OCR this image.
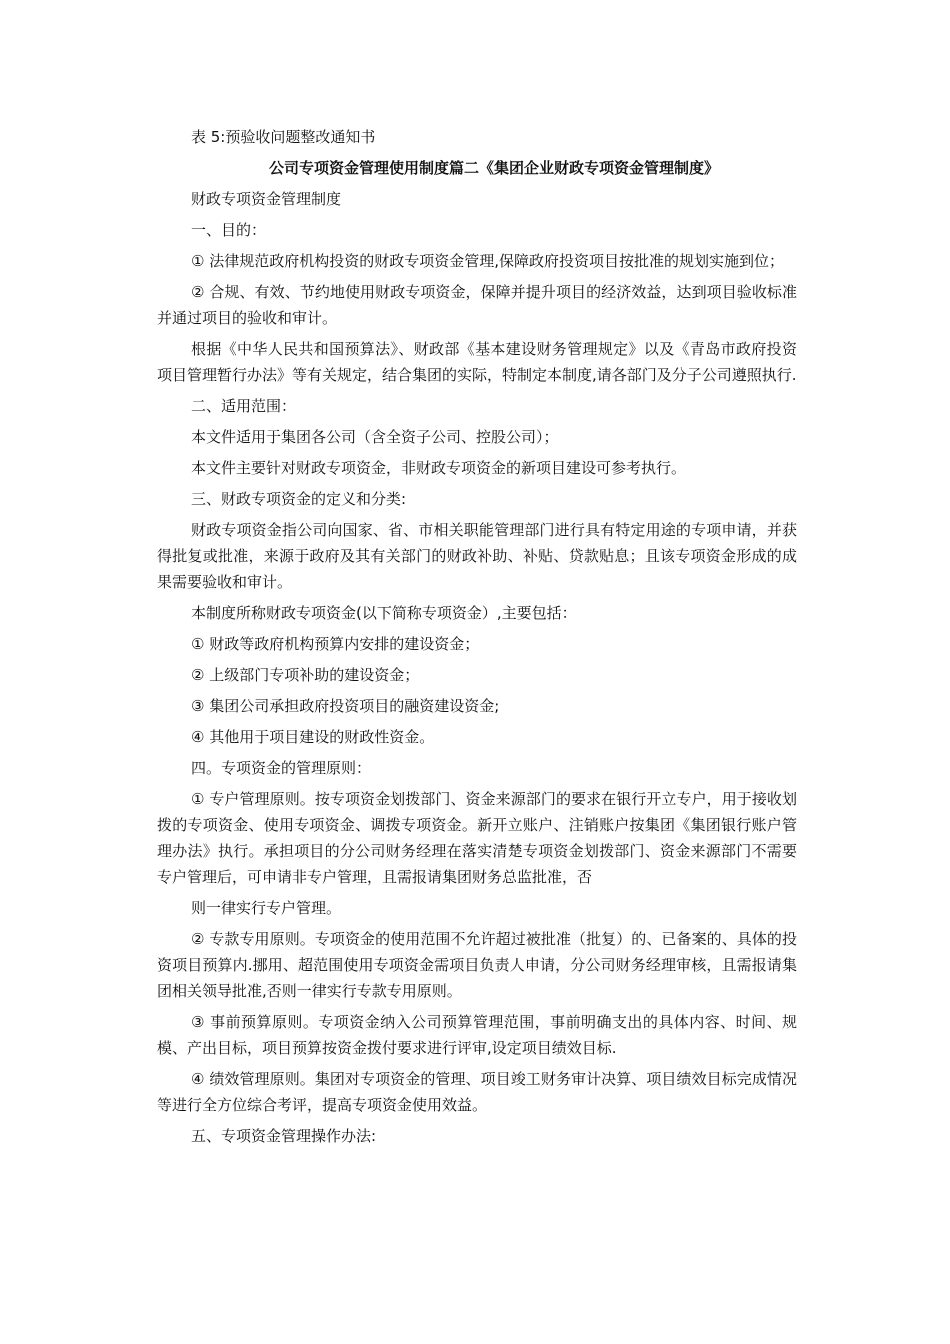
表 5:预验收问题整改通知书

公司专项资金管理使用制度篇二《集团企业财政专项资金管理制度》

财政专项资金管理制度

一、目的：

① 法律规范政府机构投资的财政专项资金管理,保障政府投资项目按批准的规划实施到位；

② 合规、有效、节约地使用财政专项资金，保障并提升项目的经济效益，达到项目验收标准并通过项目的验收和审计。

根据《中华人民共和国预算法》、财政部《基本建设财务管理规定》以及《青岛市政府投资项目管理暂行办法》等有关规定，结合集团的实际，特制定本制度,请各部门及分子公司遵照执行.

二、适用范围：

本文件适用于集团各公司（含全资子公司、控股公司）；

本文件主要针对财政专项资金，非财政专项资金的新项目建设可参考执行。

三、财政专项资金的定义和分类:

财政专项资金指公司向国家、省、市相关职能管理部门进行具有特定用途的专项申请，并获得批复或批准，来源于政府及其有关部门的财政补助、补贴、贷款贴息；且该专项资金形成的成果需要验收和审计。

本制度所称财政专项资金(以下简称专项资金）,主要包括：

① 财政等政府机构预算内安排的建设资金；

② 上级部门专项补助的建设资金；

③ 集团公司承担政府投资项目的融资建设资金;

④ 其他用于项目建设的财政性资金。

四。专项资金的管理原则：

① 专户管理原则。按专项资金划拨部门、资金来源部门的要求在银行开立专户，用于接收划拨的专项资金、使用专项资金、调拨专项资金。新开立账户、注销账户按集团《集团银行账户管理办法》执行。承担项目的分公司财务经理在落实清楚专项资金划拨部门、资金来源部门不需要专户管理后，可申请非专户管理，且需报请集团财务总监批准，否

则一律实行专户管理。

② 专款专用原则。专项资金的使用范围不允许超过被批准（批复）的、已备案的、具体的投资项目预算内.挪用、超范围使用专项资金需项目负责人申请，分公司财务经理审核，且需报请集团相关领导批准,否则一律实行专款专用原则。

③ 事前预算原则。专项资金纳入公司预算管理范围，事前明确支出的具体内容、时间、规模、产出目标，项目预算按资金拨付要求进行评审,设定项目绩效目标.

④ 绩效管理原则。集团对专项资金的管理、项目竣工财务审计决算、项目绩效目标完成情况等进行全方位综合考评，提高专项资金使用效益。

五、专项资金管理操作办法:
